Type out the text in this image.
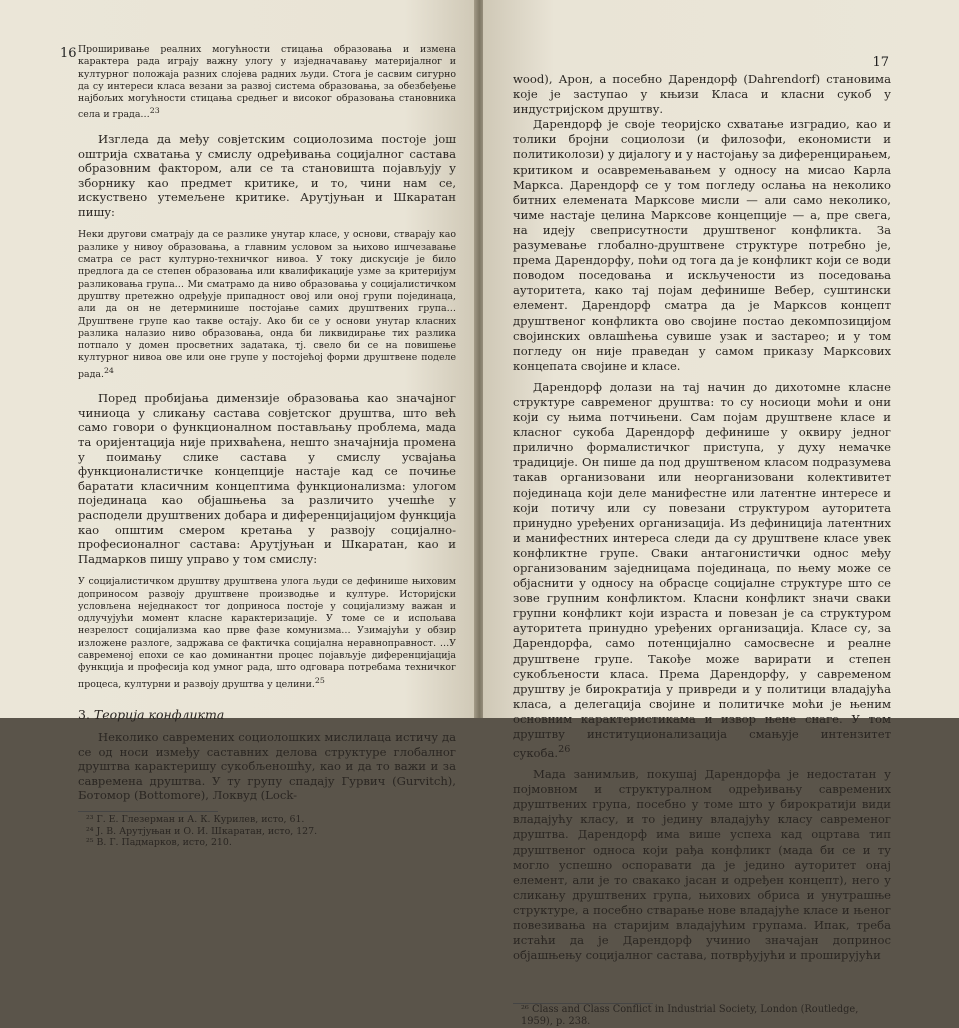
16 Проширивање реалних могућности стицања образовања и измена карактера рада играју важну улогу у изједначавању материјалног и културног положаја разних слојева радних људи. Стога је сасвим сигурно да су интереси класа везани за развој система образовања, за обезбеђење најбољих могућности стицања средњег и високог образовања становника села и града…$^{23}$

Изгледа да међу совјетским социолозима постоје још оштрија схватања у смислу одређивања социјалног састава образовним фактором, али се та становишта појављују у зборнику као предмет критике, и то, чини нам се, искуствено утемељене критике. Арутјуњан и Шкаратан пишу:

Неки другови сматрају да се разлике унутар класе, у основи, стварају као разлике у нивоу образовања, а главним условом за њихово ишчезавање сматра се раст културно-техничког нивоа. У току дискусије је било предлога да се степен образовања или квалификације узме за критеријум разликовања група… Ми сматрамо да ниво образовања у социјалистичком друштву претежно одређује припадност овој или оној групи појединаца, али да он не детерминише постојање самих друштвених група… Друштвене групе као такве остају. Ако би се у основи унутар класних разлика налазио ниво образовања, онда би ликвидирање тих разлика потпало у домен просветних задатака, тј. свело би се на повишење културног нивоа ове или оне групе у постојећој форми друштвене поделе рада.$^{24}$

Поред пробијања димензије образовања као значајног чиниоца у сликању састава совјетског друштва, што већ само говори о функционалном постављању проблема, мада та оријентација није прихваћена, нешто значајнија промена у поимању слике састава у смислу усвајања функционалистичке концепције настаје кад се почиње баратати класичним концептима функционализма: улогом појединаца као објашњења за различито учешће у расподели друштвених добара и диференцијацијом функција као општим смером кретања у развоју социјално-професионалног састава: Арутјуњан и Шкаратан, као и Падмарков пишу управо у том смислу:

У социјалистичком друштву друштвена улога људи се дефинише њиховим доприносом развоју друштвене производње и културе. Историјски условљена неједнакост тог доприноса постоје у социјализму важан и одлучујући момент класне карактеризације. У томе се и испољава незрелост социјализма као прве фазе комунизма… Узимајући у обзир изложене разлоге, задржава се фактичка социјална неравноправност. …У савременој епохи се као доминантни процес појављује диференцијација функција и професија код умног рада, што одговара потребама техничког процеса, културни и развоју друштва у целини.$^{25}$

3. Теорија конфликта

Неколико савремених социолошких мислилаца истичу да се од носи између саставних делова структуре глобалног друштва карактеришу сукобљеношћу, као и да то важи и за савремена друштва. У ту групу спадају Гурвич (Gurvitch), Ботомор (Bottomore), Локвуд (Lock-

²³ Г. Е. Глезерман и А. К. Курилев, исто, 61.
²⁴ Ј. В. Арутјуњан и О. И. Шкаратан, исто, 127.
²⁵ В. Г. Падмарков, исто, 210.
17

wood), Арон, а посебно Дарендорф (Dahrendorf) становима које је заступао у књизи Класа и класни сукоб у индустријском друштву.

Дарендорф је своје теоријско схватање изградио, као и толики бројни социолози (и филозофи, економисти и политиколози) у дијалогу и у настојању за диференцирањем, критиком и осавремењавањем у односу на мисао Карла Маркса. Дарендорф се у том погледу ослања на неколико битних елемената Марксове мисли — али само неколико, чиме настаје целина Марксове концепције — а, пре свега, на идеју свеприсутности друштвеног конфликта. За разумевање глобално-друштвене структуре потребно је, према Дарендорфу, поћи од тога да је конфликт који се води поводом поседовања и искључености из поседовања ауторитета, како тај појам дефинише Вебер, суштински елемент. Дарендорф сматра да је Марксов концепт друштвеног конфликта ово својине постао декомпозицијом својинских овлашћења сувише узак и застарео; и у том погледу он није праведан у самом приказу Марксових концепата својине и класе.

Дарендорф долази на тај начин до дихотомне класне структуре савременог друштва: то су носиоци моћи и они који су њима потчињени. Сам појам друштвене класе и класног сукоба Дарендорф дефинише у оквиру једног прилично формалистичког приступа, у духу немачке традиције. Он пише да под друштвеном класом подразумева такав организовани или неорганизовани колективитет појединаца који деле манифестне или латентне интересе и који потичу или су повезани структуром ауторитета принудно уређених организација. Из дефиниција латентних и манифестних интереса следи да су друштвене класе увек конфликтне групе. Сваки антагонистички однос међу организованим заједницама појединаца, по њему може се објаснити у односу на обрасце социјалне структуре што се зове групним конфликтом. Класни конфликт значи сваки групни конфликт који израста и повезан је са структуром ауторитета принудно уређених организација. Класе су, за Дарендорфа, само потенцијално самосвесне и реалне друштвене групе. Такође може варирати и степен сукобљености класа. Према Дарендорфу, у савременом друштву је бирократија у привреди и у политици владајућа класа, а делегација својине и политичке моћи је њеним основним карактеристикама и извор њене снаге. У том друштву институционализација смањује интензитет сукоба.$^{26}$

Мада занимљив, покушај Дарендорфа је недостатан у појмовном и структуралном одређивању савремених друштвених група, посебно у томе што у бирократији види владајућу класу, и то једину владајућу класу савременог друштва. Дарендорф има више успеха кад оцртава тип друштвеног односа који рађа конфликт (мада би се и ту могло успешно оспоравати да је једино ауторитет онај елемент, али је то свакако јасан и одређен концепт), него у сликању друштвених група, њихових обриса и унутрашње структуре, а посебно стварање нове владајуће класе и њеног повезивања на старијим владајућим групама. Ипак, треба истаћи да је Дарендорф учинио значајан допринос објашњењу социјалног састава, потврђујући и проширујући

²⁶ Class and Class Conflict in Industrial Society, London (Routledge, 1959), p. 238.
